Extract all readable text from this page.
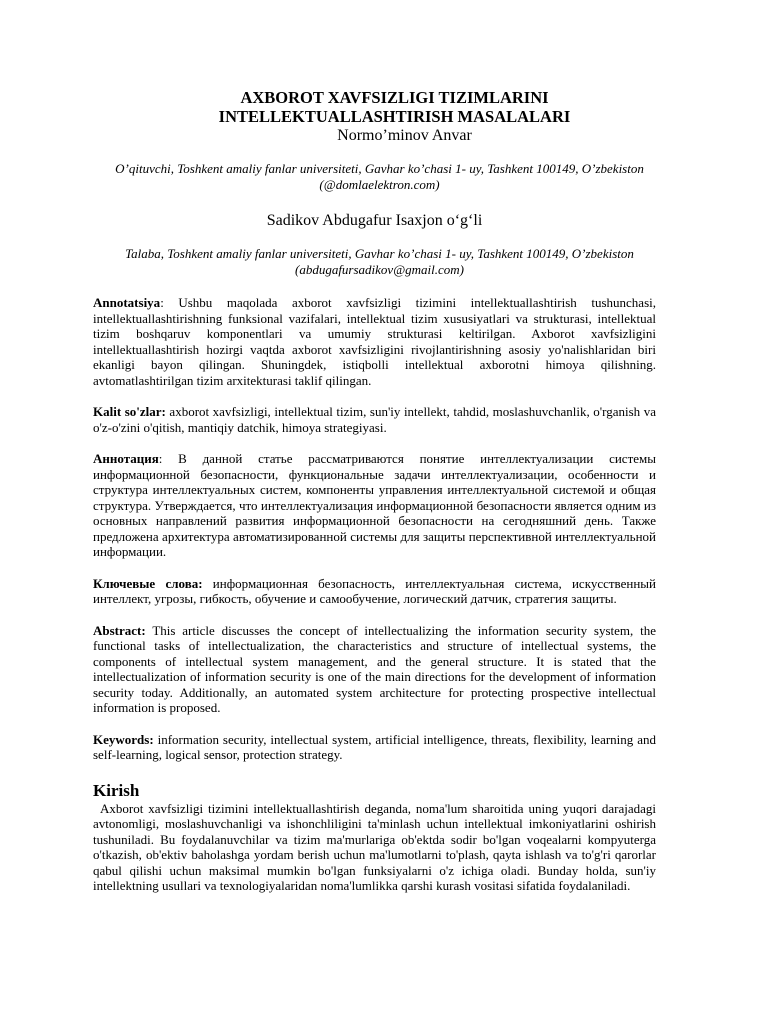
AXBOROT XAVFSIZLIGI TIZIMLARINI
INTELLEKTUALLASHTIRISH MASALALARI
Normo’minov Anvar
O’qituvchi, Toshkent amaliy fanlar universiteti, Gavhar ko’chasi 1- uy, Tashkent 100149, O’zbekiston
(@domlaelektron.com)
Sadikov Abdugafur Isaxjon o‘g‘li
Talaba, Toshkent amaliy fanlar universiteti, Gavhar ko’chasi 1- uy, Tashkent 100149, O’zbekiston
(abdugafursadikov@gmail.com)
Annotatsiya: Ushbu maqolada axborot xavfsizligi tizimini intellektuallashtirish tushunchasi, intellektuallashtirishning funksional vazifalari, intellektual tizim xususiyatlari va strukturasi, intellektual tizim boshqaruv komponentlari va umumiy strukturasi keltirilgan. Axborot xavfsizligini intellektuallashtirish hozirgi vaqtda axborot xavfsizligini rivojlantirishning asosiy yo'nalishlaridan biri ekanligi bayon qilingan. Shuningdek, istiqbolli intellektual axborotni himoya qilishning. avtomatlashtirilgan tizim arxitekturasi taklif qilingan.
Kalit so'zlar: axborot xavfsizligi, intellektual tizim, sun'iy intellekt, tahdid, moslashuvchanlik, o'rganish va o'z-o'zini o'qitish, mantiqiy datchik, himoya strategiyasi.
Аннотация: В данной статье рассматриваются понятие интеллектуализации системы информационной безопасности, функциональные задачи интеллектуализации, особенности и структура интеллектуальных систем, компоненты управления интеллектуальной системой и общая структура. Утверждается, что интеллектуализация информационной безопасности является одним из основных направлений развития информационной безопасности на сегодняшний день. Также предложена архитектура автоматизированной системы для защиты перспективной интеллектуальной информации.
Ключевые слова: информационная безопасность, интеллектуальная система, искусственный интеллект, угрозы, гибкость, обучение и самообучение, логический датчик, стратегия защиты.
Abstract: This article discusses the concept of intellectualizing the information security system, the functional tasks of intellectualization, the characteristics and structure of intellectual systems, the components of intellectual system management, and the general structure. It is stated that the intellectualization of information security is one of the main directions for the development of information security today. Additionally, an automated system architecture for protecting prospective intellectual information is proposed.
Keywords: information security, intellectual system, artificial intelligence, threats, flexibility, learning and self-learning, logical sensor, protection strategy.
Kirish
Axborot xavfsizligi tizimini intellektuallashtirish deganda, noma'lum sharoitida uning yuqori darajadagi avtonomligi, moslashuvchanligi va ishonchliligini ta'minlash uchun intellektual imkoniyatlarini oshirish tushuniladi. Bu foydalanuvchilar va tizim ma'murlariga ob'ektda sodir bo'lgan voqealarni kompyuterga o'tkazish, ob'ektiv baholashga yordam berish uchun ma'lumotlarni to'plash, qayta ishlash va to'g'ri qarorlar qabul qilishi uchun maksimal mumkin bo'lgan funksiyalarni o'z ichiga oladi. Bunday holda, sun'iy intellektning usullari va texnologiyalaridan noma'lumlikka qarshi kurash vositasi sifatida foydalaniladi.
